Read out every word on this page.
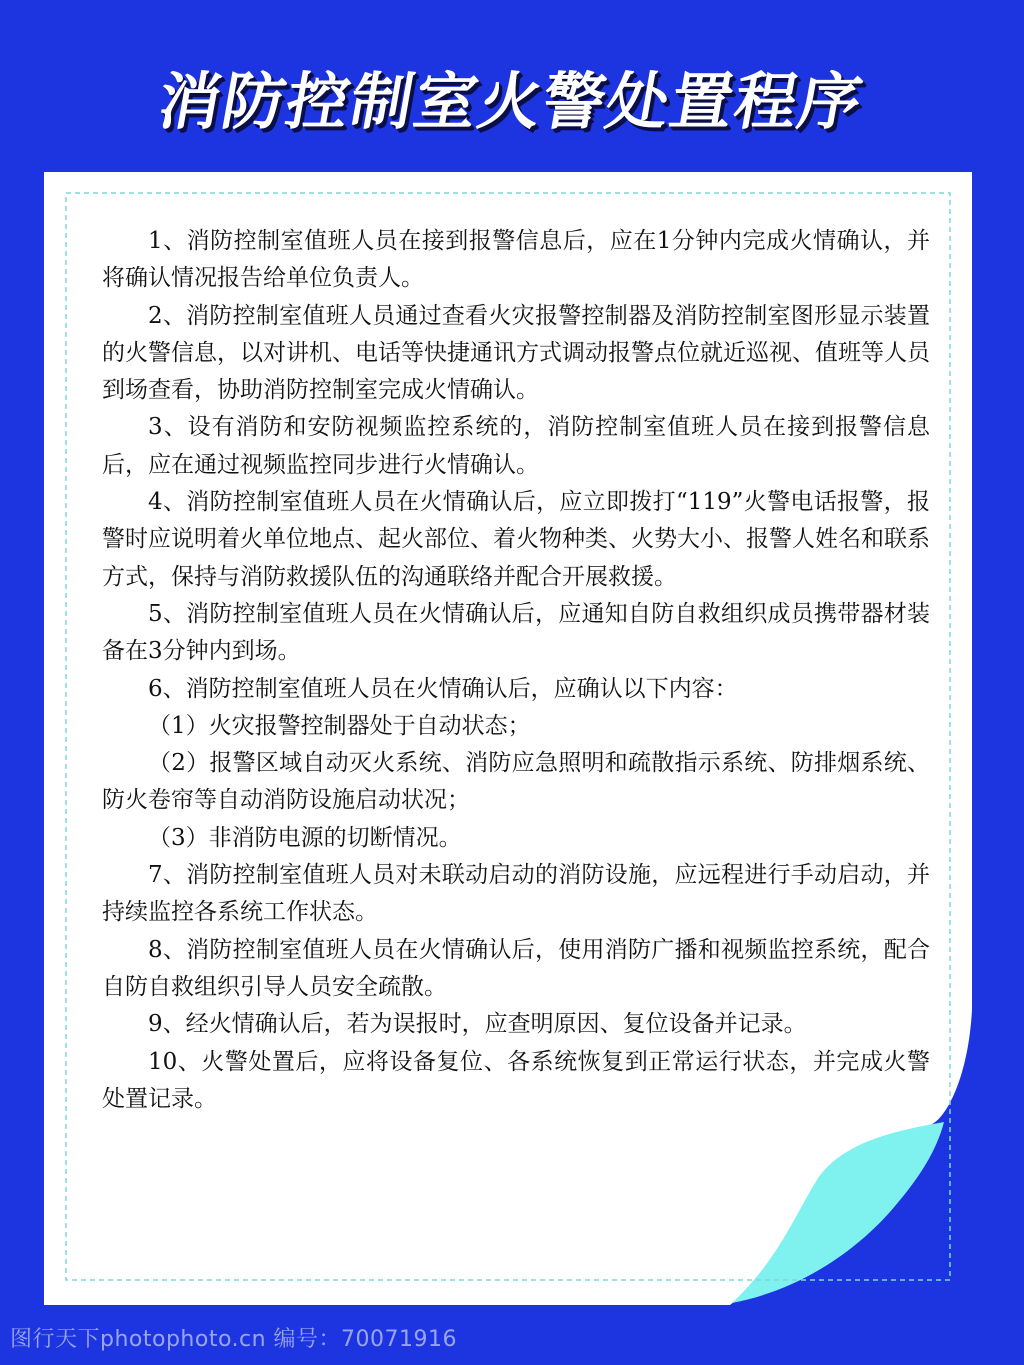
消防控制室火警处置程序

1、消防控制室值班人员在接到报警信息后，应在1分钟内完成火情确认，并将确认情况报告给单位负责人。

2、消防控制室值班人员通过查看火灾报警控制器及消防控制室图形显示装置的火警信息，以对讲机、电话等快捷通讯方式调动报警点位就近巡视、值班等人员到场查看，协助消防控制室完成火情确认。

3、设有消防和安防视频监控系统的，消防控制室值班人员在接到报警信息后，应在通过视频监控同步进行火情确认。

4、消防控制室值班人员在火情确认后，应立即拨打“119”火警电话报警，报警时应说明着火单位地点、起火部位、着火物种类、火势大小、报警人姓名和联系方式，保持与消防救援队伍的沟通联络并配合开展救援。

5、消防控制室值班人员在火情确认后，应通知自防自救组织成员携带器材装备在3分钟内到场。

6、消防控制室值班人员在火情确认后，应确认以下内容：

（1）火灾报警控制器处于自动状态；

（2）报警区域自动灭火系统、消防应急照明和疏散指示系统、防排烟系统、防火卷帘等自动消防设施启动状况；

（3）非消防电源的切断情况。

7、消防控制室值班人员对未联动启动的消防设施，应远程进行手动启动，并持续监控各系统工作状态。

8、消防控制室值班人员在火情确认后，使用消防广播和视频监控系统，配合自防自救组织引导人员安全疏散。

9、经火情确认后，若为误报时，应查明原因、复位设备并记录。

10、火警处置后，应将设备复位、各系统恢复到正常运行状态，并完成火警处置记录。

图行天下photophoto.cn 编号：70071916
